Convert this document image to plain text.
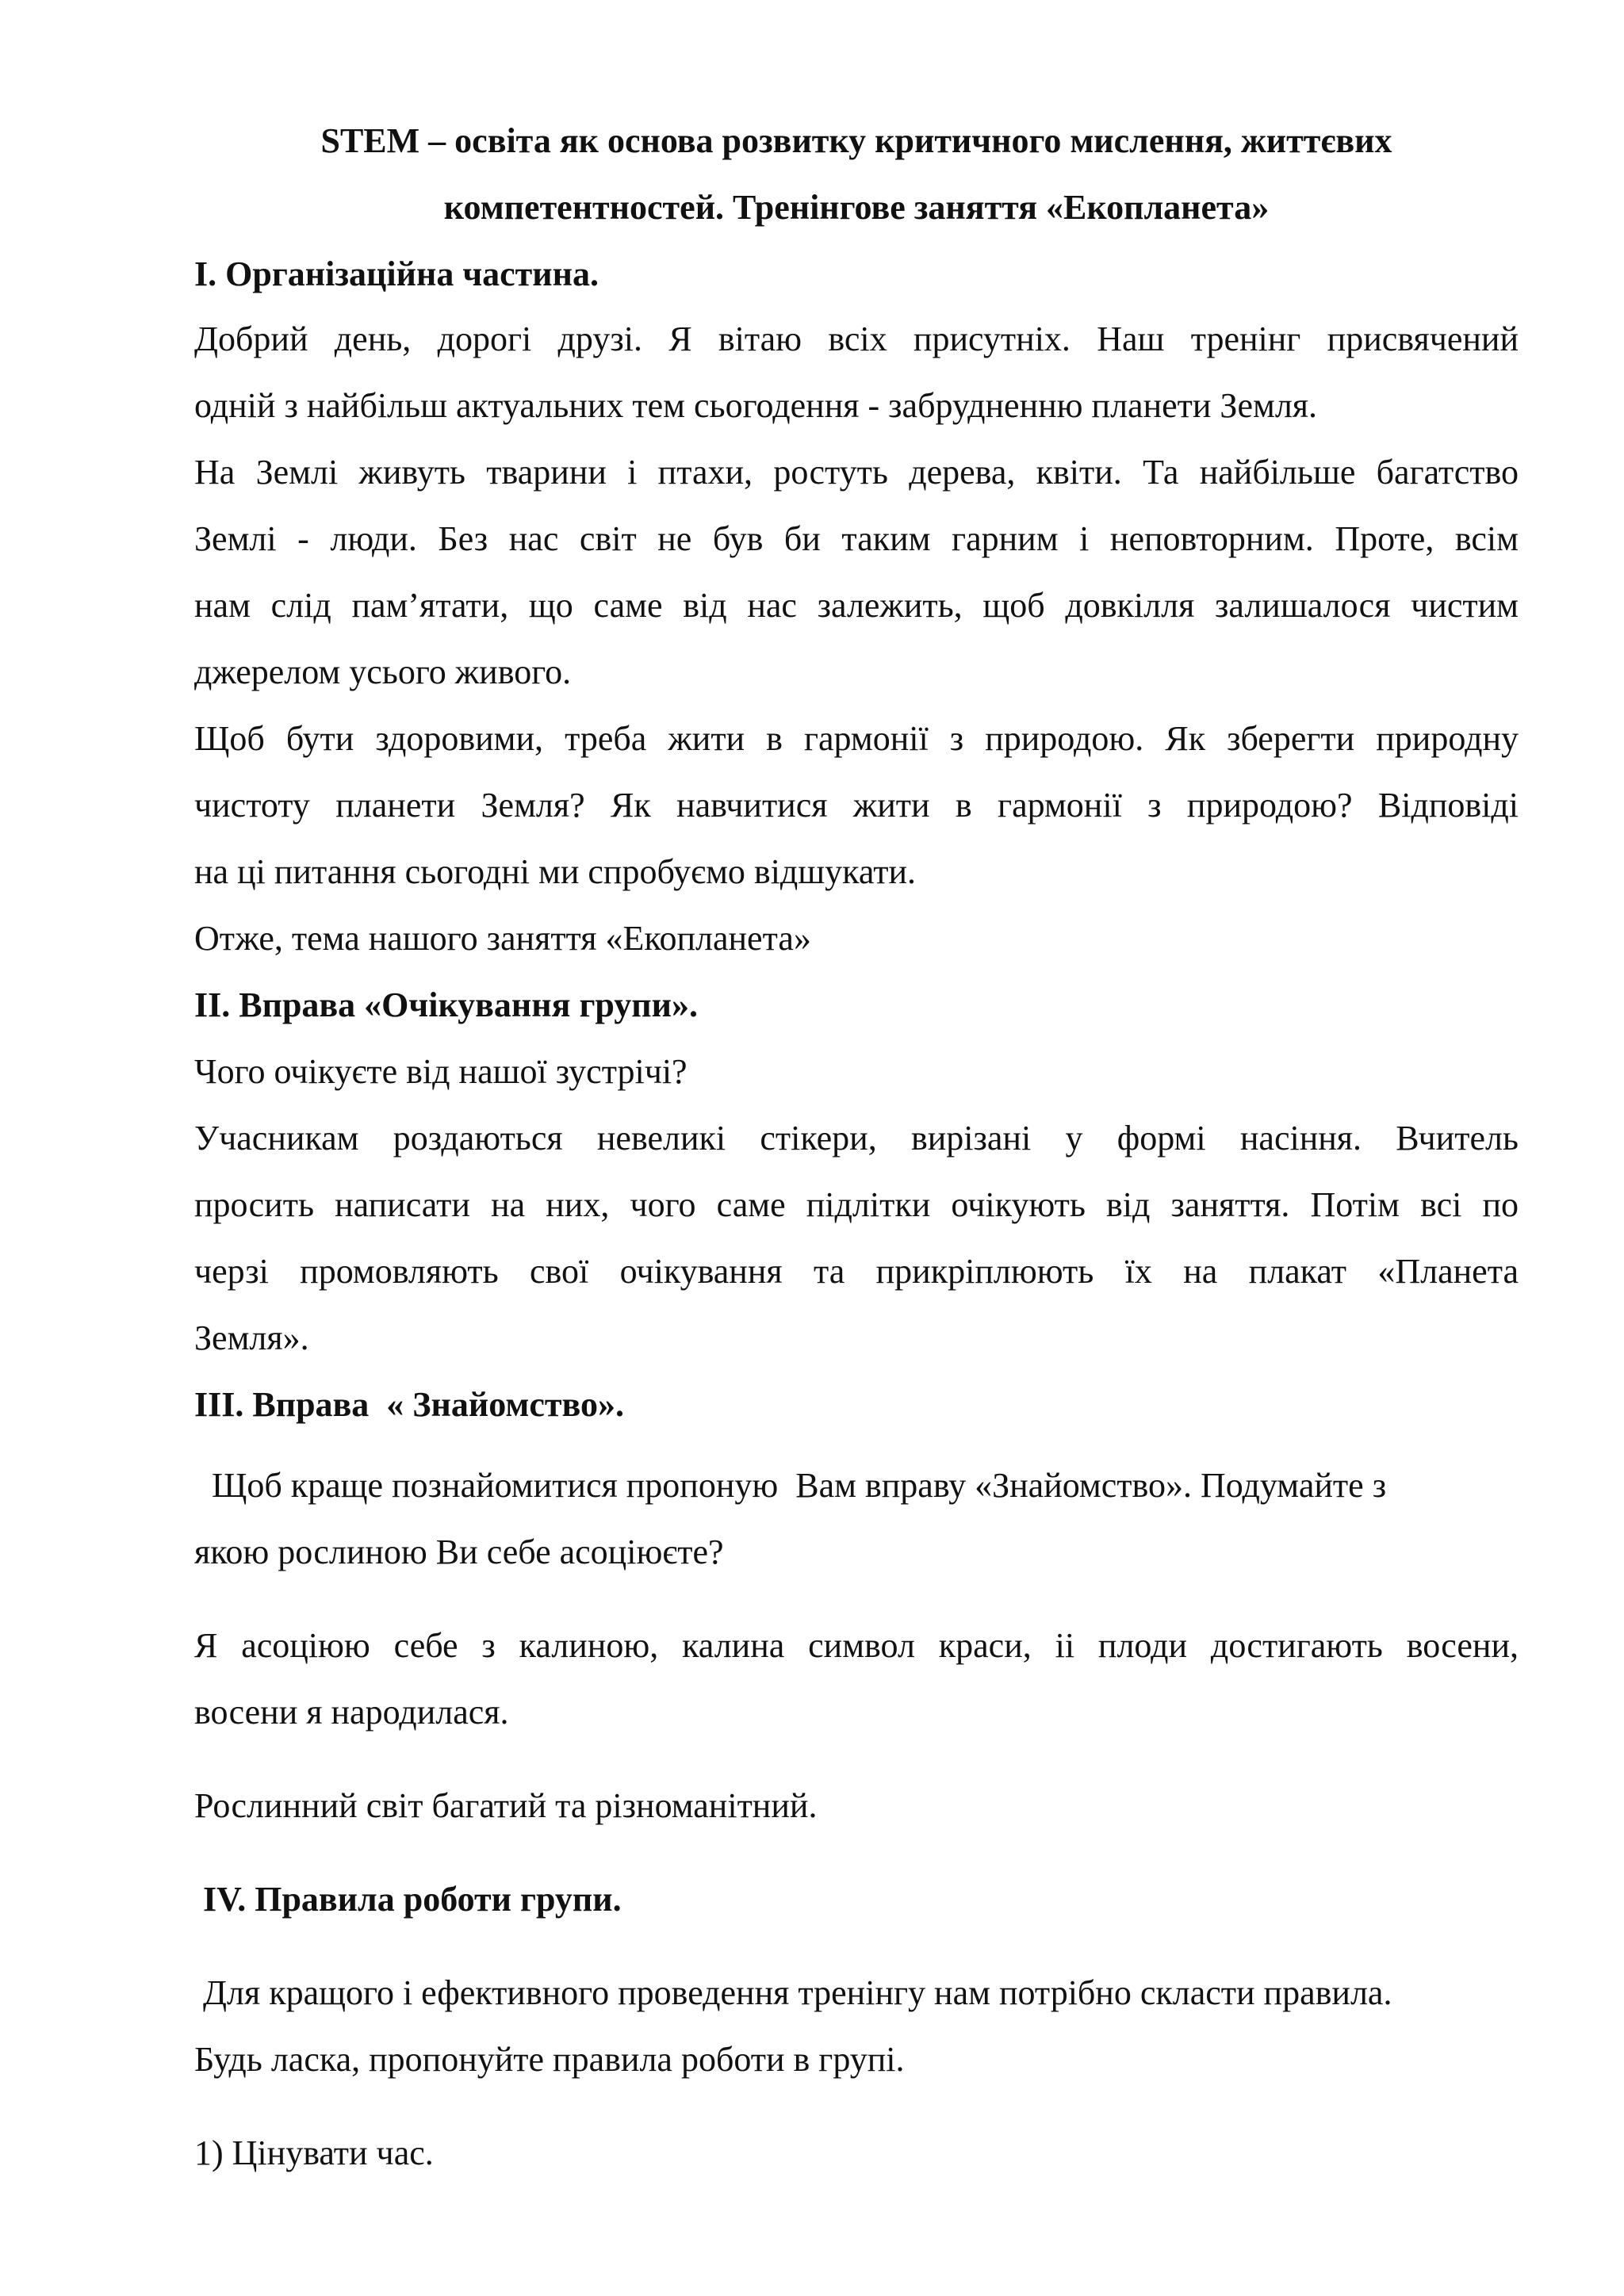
STEM – освіта як основа розвитку критичного мислення, життєвих
компетентностей. Тренінгове заняття «Екопланета»
I. Організаційна частина.
Добрий день, дорогі друзі. Я вітаю всіх присутніх. Наш тренінг присвячений
одній з найбільш актуальних тем сьогодення - забрудненню планети Земля.
На Землі живуть тварини і птахи, ростуть дерева, квіти. Та найбільше багатство
Землі - люди. Без нас світ не був би таким гарним і неповторним. Проте, всім
нам слід пам’ятати, що саме від нас залежить, щоб довкілля залишалося чистим
джерелом усього живого.
Щоб бути здоровими, треба жити в гармонії з природою. Як зберегти природну
чистоту планети Земля? Як навчитися жити в гармонії з природою? Відповіді
на ці питання сьогодні ми спробуємо відшукати.
Отже, тема нашого заняття «Екопланета»
II. Вправа «Очікування групи».
Чого очікуєте від нашої зустрічі?
Учасникам роздаються невеликі стікери, вирізані у формі насіння. Вчитель
просить написати на них, чого саме підлітки очікують від заняття. Потім всі по
черзі промовляють свої очікування та прикріплюють їх на плакат «Планета
Земля».
III. Вправа  « Знайомство».
Щоб краще познайомитися пропоную  Вам вправу «Знайомство». Подумайте з
якою рослиною Ви себе асоціюєте?
Я асоціюю себе з калиною, калина символ краси, іі плоди достигають восени,
восени я народилася.
Рослинний світ багатий та різноманітний.
IV. Правила роботи групи.
Для кращого і ефективного проведення тренінгу нам потрібно скласти правила.
Будь ласка, пропонуйте правила роботи в групі.
1) Цінувати час.
